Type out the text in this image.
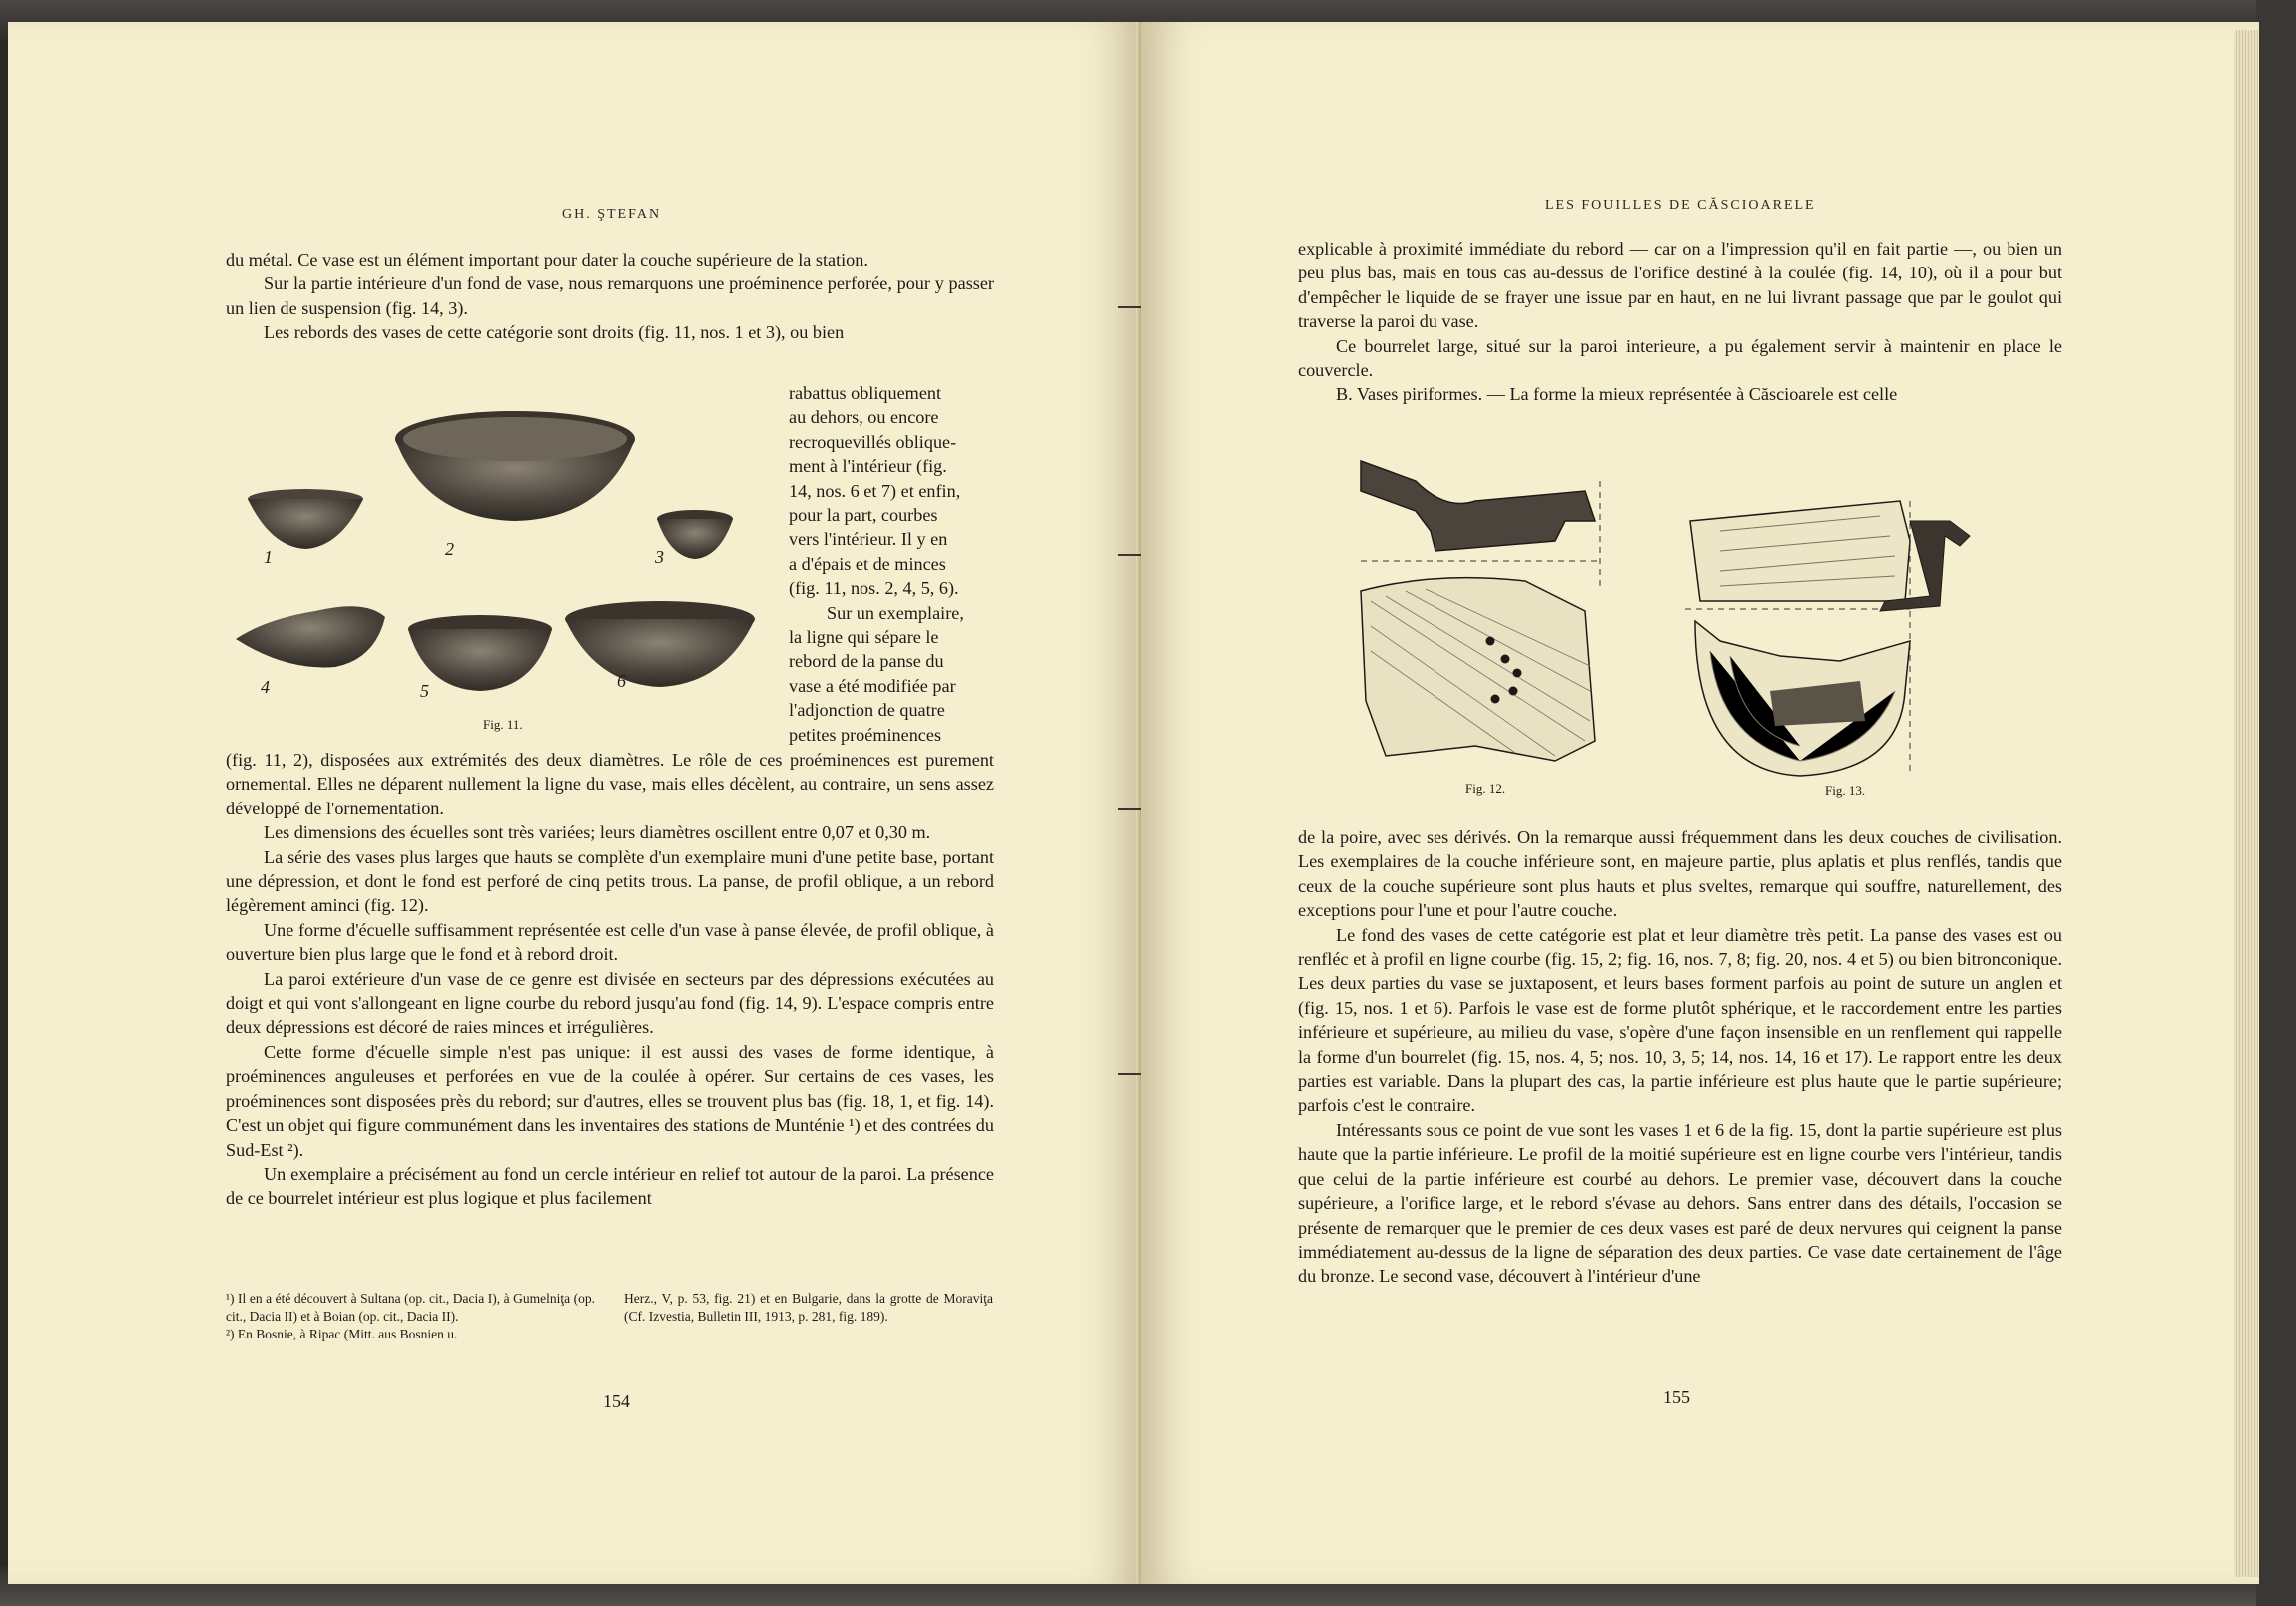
GH. ŞTEFAN

du métal. Ce vase est un élément important pour dater la couche supérieure de la station.

Sur la partie intérieure d'un fond de vase, nous remarquons une proéminence perforée, pour y passer un lien de suspension (fig. 14, 3).

Les rebords des vases de cette catégorie sont droits (fig. 11, nos. 1 et 3), ou bien

1	2	3
4	5	6
Fig. 11.

rabattus obliquement

au dehors, ou encore

recroquevillés oblique-

ment à l'intérieur (fig.

14, nos. 6 et 7) et enfin,

pour la part, courbes

vers l'intérieur. Il y en

a d'épais et de minces

(fig. 11, nos. 2, 4, 5, 6).

Sur un exemplaire,

la ligne qui sépare le

rebord de la panse du

vase a été modifiée par

l'adjonction de quatre

petites proéminences

(fig. 11, 2), disposées aux extrémités des deux diamètres. Le rôle de ces proéminences est purement ornemental. Elles ne déparent nullement la ligne du vase, mais elles décèlent, au contraire, un sens assez développé de l'ornementation.

Les dimensions des écuelles sont très variées; leurs diamètres oscillent entre 0,07 et 0,30 m.

La série des vases plus larges que hauts se complète d'un exemplaire muni d'une petite base, portant une dépression, et dont le fond est perforé de cinq petits trous. La panse, de profil oblique, a un rebord légèrement aminci (fig. 12).

Une forme d'écuelle suffisamment représentée est celle d'un vase à panse élevée, de profil oblique, à ouverture bien plus large que le fond et à rebord droit.

La paroi extérieure d'un vase de ce genre est divisée en secteurs par des dépressions exécutées au doigt et qui vont s'allongeant en ligne courbe du rebord jusqu'au fond (fig. 14, 9). L'espace compris entre deux dépressions est décoré de raies minces et irrégulières.

Cette forme d'écuelle simple n'est pas unique: il est aussi des vases de forme identique, à proéminences anguleuses et perforées en vue de la coulée à opérer. Sur certains de ces vases, les proéminences sont disposées près du rebord; sur d'autres, elles se trouvent plus bas (fig. 18, 1, et fig. 14). C'est un objet qui figure communément dans les inventaires des stations de Munténie ¹) et des contrées du Sud-Est ²).

Un exemplaire a précisément au fond un cercle intérieur en relief tot autour de la paroi. La présence de ce bourrelet intérieur est plus logique et plus facilement

¹) Il en a été découvert à Sultana (op. cit., Dacia I), à Gumelniţa (op. cit., Dacia II) et à Boian (op. cit., Dacia II).

²) En Bosnie, à Ripac (Mitt. aus Bosnien u.

Herz., V, p. 53, fig. 21) et en Bulgarie, dans la grotte de Moraviţa (Cf. Izvestia, Bulletin III, 1913, p. 281, fig. 189).

154
LES FOUILLES DE CĂSCIOARELE

explicable à proximité immédiate du rebord — car on a l'impression qu'il en fait partie —, ou bien un peu plus bas, mais en tous cas au-dessus de l'orifice destiné à la coulée (fig. 14, 10), où il a pour but d'empêcher le liquide de se frayer une issue par en haut, en ne lui livrant passage que par le goulot qui traverse la paroi du vase.

Ce bourrelet large, situé sur la paroi interieure, a pu également servir à maintenir en place le couvercle.

B. Vases piriformes. — La forme la mieux représentée à Căscioarele est celle

Fig. 12.	Fig. 13.

de la poire, avec ses dérivés. On la remarque aussi fréquemment dans les deux couches de civilisation. Les exemplaires de la couche inférieure sont, en majeure partie, plus aplatis et plus renflés, tandis que ceux de la couche supérieure sont plus hauts et plus sveltes, remarque qui souffre, naturellement, des exceptions pour l'une et pour l'autre couche.

Le fond des vases de cette catégorie est plat et leur diamètre très petit. La panse des vases est ou renfléc et à profil en ligne courbe (fig. 15, 2; fig. 16, nos. 7, 8; fig. 20, nos. 4 et 5) ou bien bitronconique. Les deux parties du vase se juxtaposent, et leurs bases forment parfois au point de suture un anglen et (fig. 15, nos. 1 et 6). Parfois le vase est de forme plutôt sphérique, et le raccordement entre les parties inférieure et supérieure, au milieu du vase, s'opère d'une façon insensible en un renflement qui rappelle la forme d'un bourrelet (fig. 15, nos. 4, 5; nos. 10, 3, 5; 14, nos. 14, 16 et 17). Le rapport entre les deux parties est variable. Dans la plupart des cas, la partie inférieure est plus haute que le partie supérieure; parfois c'est le contraire.

Intéressants sous ce point de vue sont les vases 1 et 6 de la fig. 15, dont la partie supérieure est plus haute que la partie inférieure. Le profil de la moitié supérieure est en ligne courbe vers l'intérieur, tandis que celui de la partie inférieure est courbé au dehors. Le premier vase, découvert dans la couche supérieure, a l'orifice large, et le rebord s'évase au dehors. Sans entrer dans des détails, l'occasion se présente de remarquer que le premier de ces deux vases est paré de deux nervures qui ceignent la panse immédiatement au-dessus de la ligne de séparation des deux parties. Ce vase date certainement de l'âge du bronze. Le second vase, découvert à l'intérieur d'une

155
